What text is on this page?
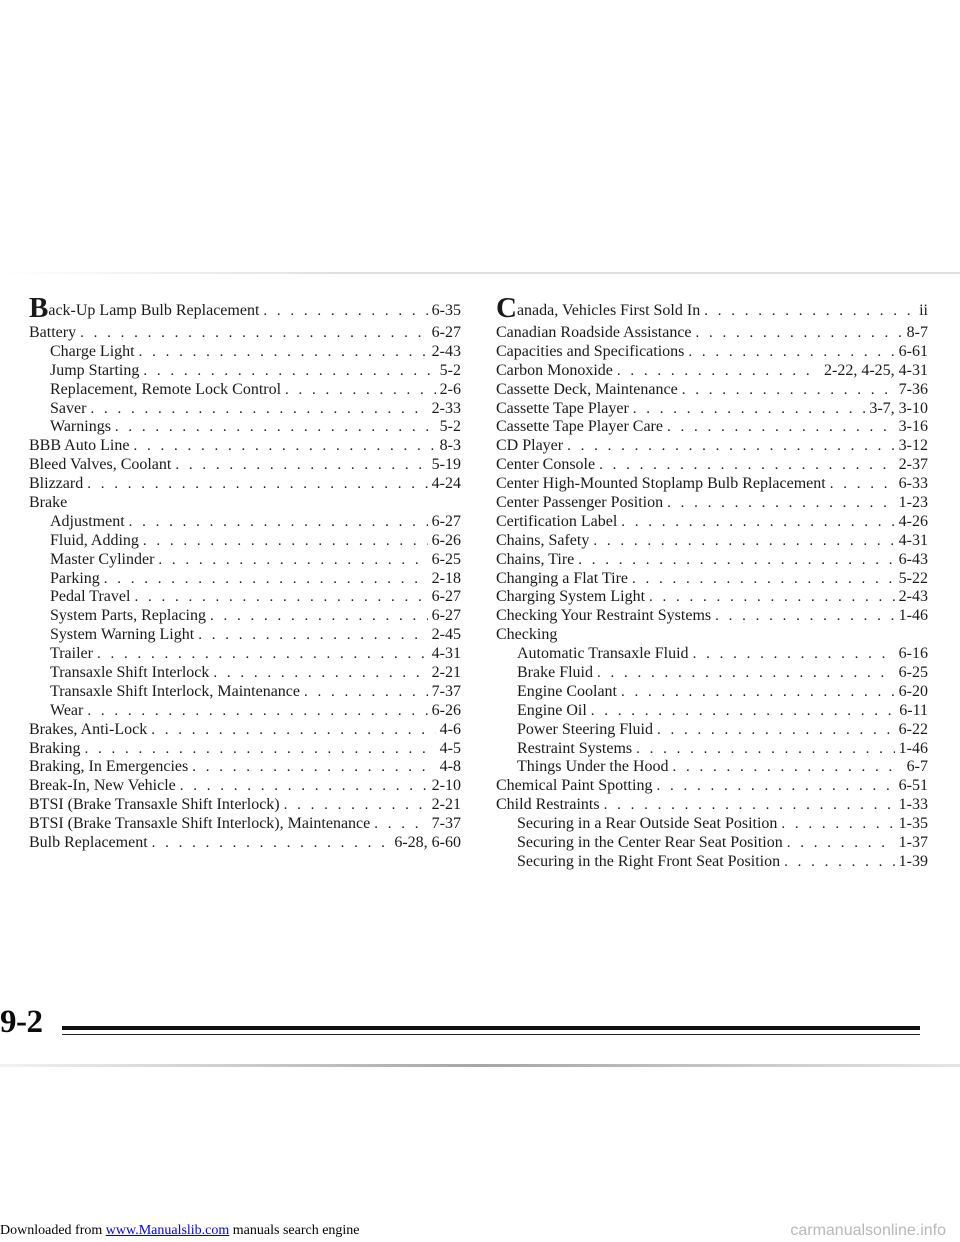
Back-Up Lamp Bulb Replacement . . .	6-35
Battery . . .	6-27
Charge Light . . .	2-43
Jump Starting . . .	5-2
Replacement, Remote Lock Control . . .	2-6
Saver . . .	2-33
Warnings . . .	5-2
BBB Auto Line . . .	8-3
Bleed Valves, Coolant . . .	5-19
Blizzard . . .	4-24
Brake
Adjustment . . .	6-27
Fluid, Adding . . .	6-26
Master Cylinder . . .	6-25
Parking . . .	2-18
Pedal Travel . . .	6-27
System Parts, Replacing . . .	6-27
System Warning Light . . .	2-45
Trailer . . .	4-31
Transaxle Shift Interlock . . .	2-21
Transaxle Shift Interlock, Maintenance . . .	7-37
Wear . . .	6-26
Brakes, Anti-Lock . . .	4-6
Braking . . .	4-5
Braking, In Emergencies . . .	4-8
Break-In, New Vehicle . . .	2-10
BTSI (Brake Transaxle Shift Interlock) . . .	2-21
BTSI (Brake Transaxle Shift Interlock), Maintenance . . .	7-37
Bulb Replacement . . .	6-28, 6-60
Canada, Vehicles First Sold In . . .	ii
Canadian Roadside Assistance . . .	8-7
Capacities and Specifications . . .	6-61
Carbon Monoxide . . .	2-22, 4-25, 4-31
Cassette Deck, Maintenance . . .	7-36
Cassette Tape Player . . .	3-7, 3-10
Cassette Tape Player Care . . .	3-16
CD Player . . .	3-12
Center Console . . .	2-37
Center High-Mounted Stoplamp Bulb Replacement . . .	6-33
Center Passenger Position . . .	1-23
Certification Label . . .	4-26
Chains, Safety . . .	4-31
Chains, Tire . . .	6-43
Changing a Flat Tire . . .	5-22
Charging System Light . . .	2-43
Checking Your Restraint Systems . . .	1-46
Checking
Automatic Transaxle Fluid . . .	6-16
Brake Fluid . . .	6-25
Engine Coolant . . .	6-20
Engine Oil . . .	6-11
Power Steering Fluid . . .	6-22
Restraint Systems . . .	1-46
Things Under the Hood . . .	6-7
Chemical Paint Spotting . . .	6-51
Child Restraints . . .	1-33
Securing in a Rear Outside Seat Position . . .	1-35
Securing in the Center Rear Seat Position . . .	1-37
Securing in the Right Front Seat Position . . .	1-39
9-2
Downloaded from www.Manualslib.com manuals search engine	carmanualsonline.info
